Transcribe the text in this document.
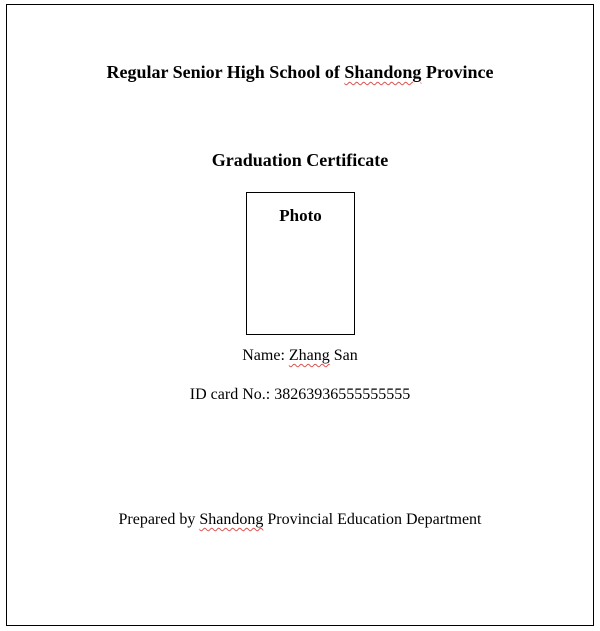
Regular Senior High School of Shandong Province
Graduation Certificate
Photo
Name: Zhang San
ID card No.: 38263936555555555
Prepared by Shandong Provincial Education Department
